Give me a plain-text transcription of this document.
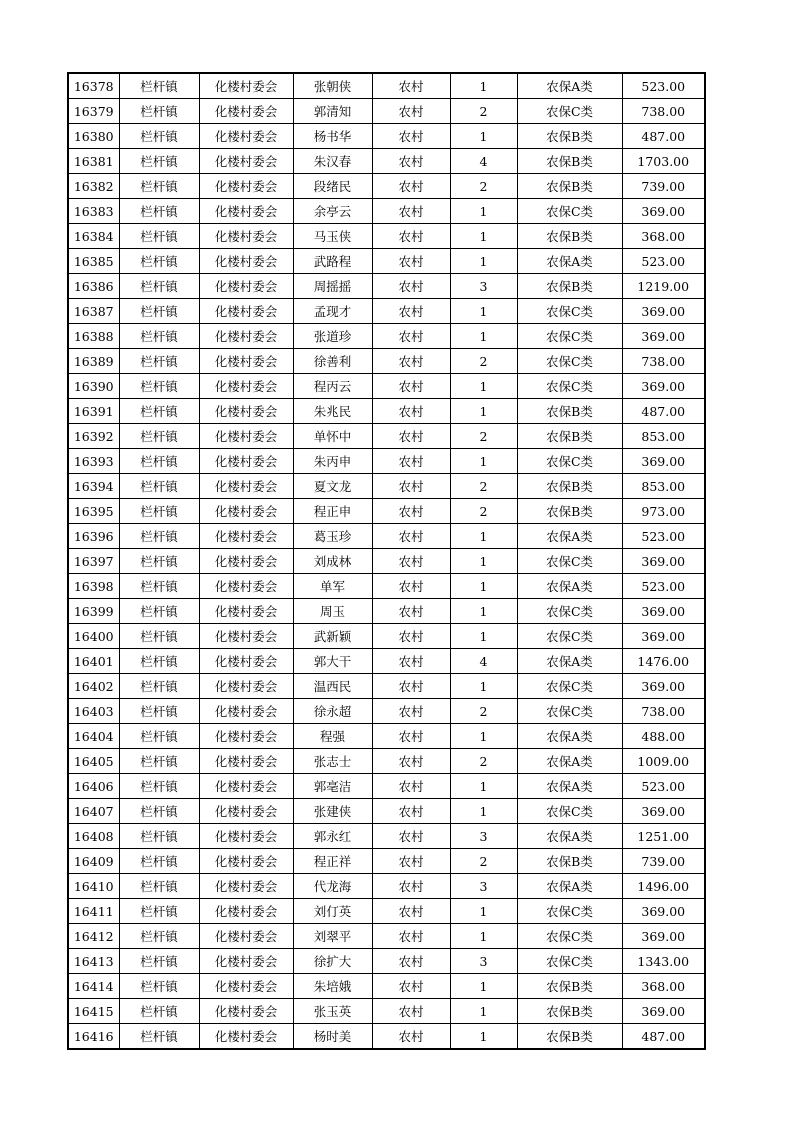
16378	栏杆镇	化楼村委会	张朝侠	农村	1	农保A类	523.00
16379	栏杆镇	化楼村委会	郭清知	农村	2	农保C类	738.00
16380	栏杆镇	化楼村委会	杨书华	农村	1	农保B类	487.00
16381	栏杆镇	化楼村委会	朱汉春	农村	4	农保B类	1703.00
16382	栏杆镇	化楼村委会	段绪民	农村	2	农保B类	739.00
16383	栏杆镇	化楼村委会	余亭云	农村	1	农保C类	369.00
16384	栏杆镇	化楼村委会	马玉侠	农村	1	农保B类	368.00
16385	栏杆镇	化楼村委会	武路程	农村	1	农保A类	523.00
16386	栏杆镇	化楼村委会	周摇摇	农村	3	农保B类	1219.00
16387	栏杆镇	化楼村委会	孟现才	农村	1	农保C类	369.00
16388	栏杆镇	化楼村委会	张道珍	农村	1	农保C类	369.00
16389	栏杆镇	化楼村委会	徐善利	农村	2	农保C类	738.00
16390	栏杆镇	化楼村委会	程丙云	农村	1	农保C类	369.00
16391	栏杆镇	化楼村委会	朱兆民	农村	1	农保B类	487.00
16392	栏杆镇	化楼村委会	单怀中	农村	2	农保B类	853.00
16393	栏杆镇	化楼村委会	朱丙申	农村	1	农保C类	369.00
16394	栏杆镇	化楼村委会	夏文龙	农村	2	农保B类	853.00
16395	栏杆镇	化楼村委会	程正申	农村	2	农保B类	973.00
16396	栏杆镇	化楼村委会	葛玉珍	农村	1	农保A类	523.00
16397	栏杆镇	化楼村委会	刘成林	农村	1	农保C类	369.00
16398	栏杆镇	化楼村委会	单军	农村	1	农保A类	523.00
16399	栏杆镇	化楼村委会	周玉	农村	1	农保C类	369.00
16400	栏杆镇	化楼村委会	武新颖	农村	1	农保C类	369.00
16401	栏杆镇	化楼村委会	郭大干	农村	4	农保A类	1476.00
16402	栏杆镇	化楼村委会	温西民	农村	1	农保C类	369.00
16403	栏杆镇	化楼村委会	徐永超	农村	2	农保C类	738.00
16404	栏杆镇	化楼村委会	程强	农村	1	农保A类	488.00
16405	栏杆镇	化楼村委会	张志士	农村	2	农保A类	1009.00
16406	栏杆镇	化楼村委会	郭亳洁	农村	1	农保A类	523.00
16407	栏杆镇	化楼村委会	张建侠	农村	1	农保C类	369.00
16408	栏杆镇	化楼村委会	郭永红	农村	3	农保A类	1251.00
16409	栏杆镇	化楼村委会	程正祥	农村	2	农保B类	739.00
16410	栏杆镇	化楼村委会	代龙海	农村	3	农保A类	1496.00
16411	栏杆镇	化楼村委会	刘仃英	农村	1	农保C类	369.00
16412	栏杆镇	化楼村委会	刘翠平	农村	1	农保C类	369.00
16413	栏杆镇	化楼村委会	徐扩大	农村	3	农保C类	1343.00
16414	栏杆镇	化楼村委会	朱培娥	农村	1	农保B类	368.00
16415	栏杆镇	化楼村委会	张玉英	农村	1	农保B类	369.00
16416	栏杆镇	化楼村委会	杨时美	农村	1	农保B类	487.00
